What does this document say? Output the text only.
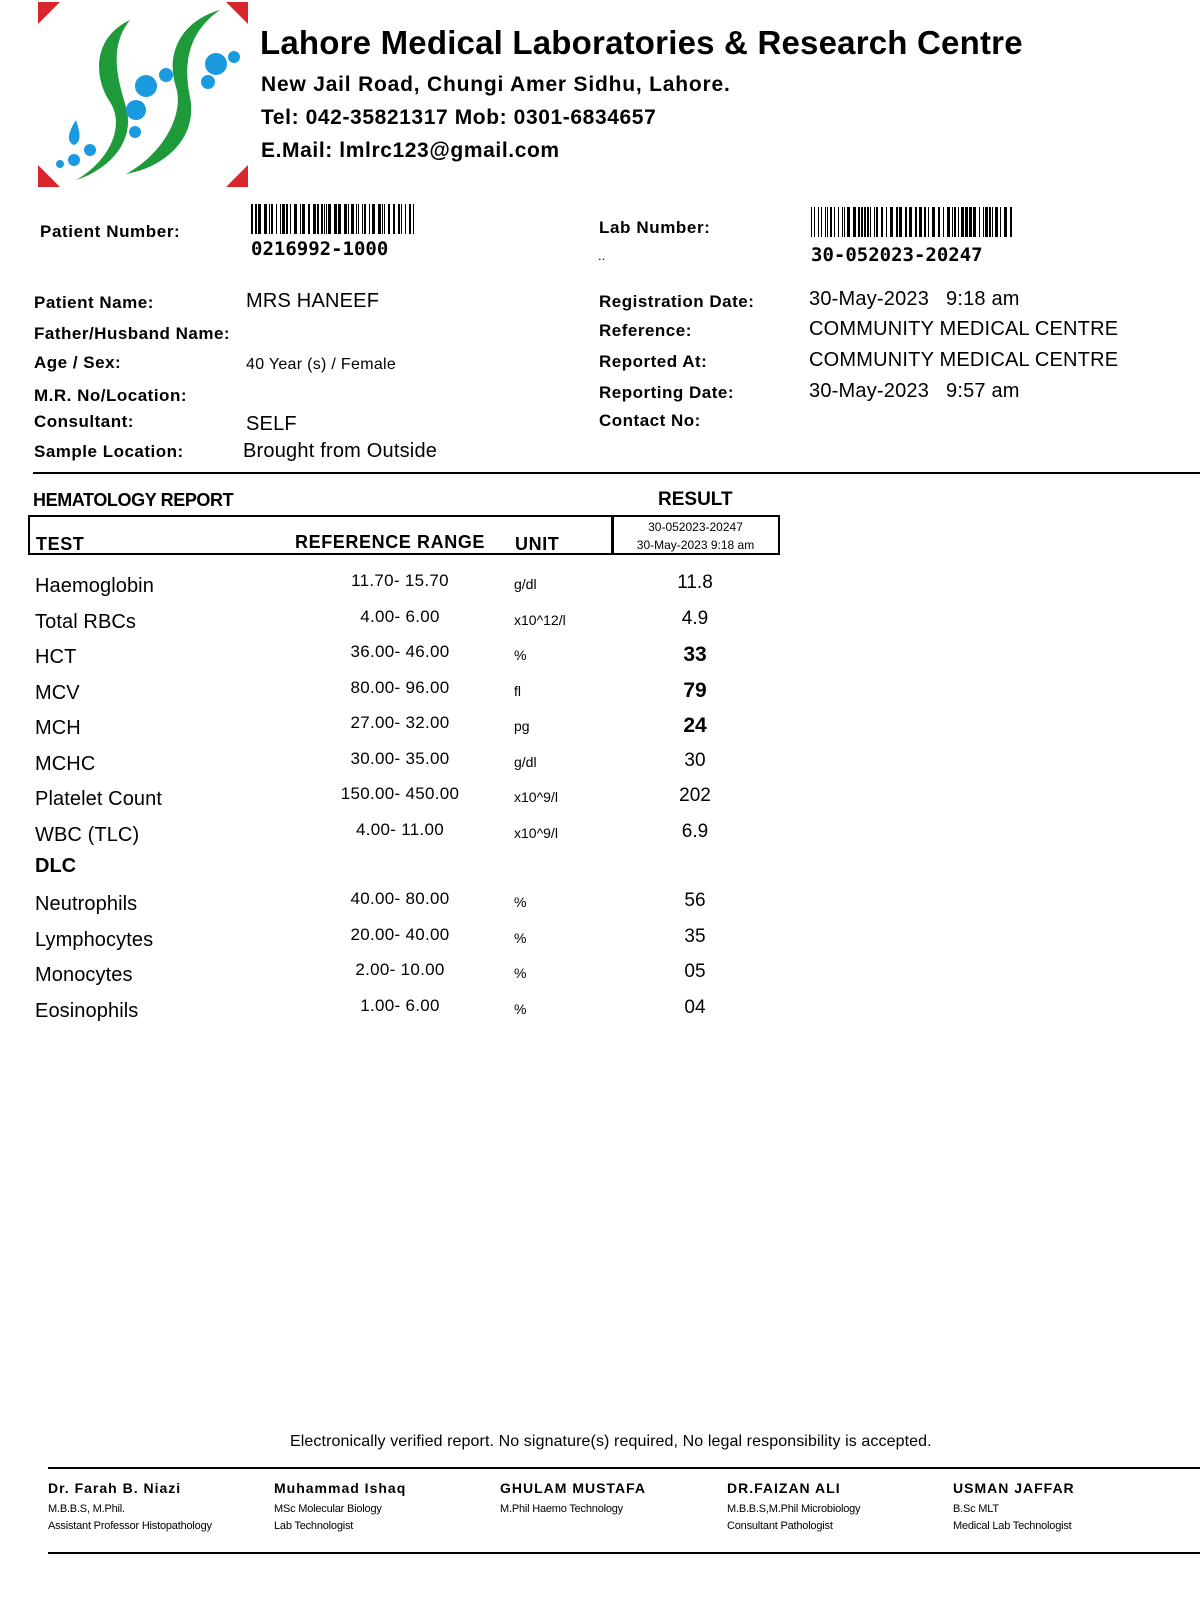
Lahore Medical Laboratories & Research Centre
New Jail Road, Chungi Amer Sidhu, Lahore.
Tel: 042-35821317 Mob: 0301-6834657
E.Mail: lmlrc123@gmail.com
Patient Number:
0216992-1000
Lab Number:
..	30-052023-20247
Patient Name:	MRS HANEEF
Father/Husband Name:
Age / Sex:	40 Year (s) / Female
M.R. No/Location:
Consultant:	SELF
Sample Location:	Brought from Outside
Registration Date:	30-May-2023 9:18 am
Reference:	COMMUNITY MEDICAL CENTRE
Reported At:	COMMUNITY MEDICAL CENTRE
Reporting Date:	30-May-2023 9:57 am
Contact No:
HEMATOLOGY REPORT	RESULT
TEST	REFERENCE RANGE UNIT
30-052023-20247
30-May-2023 9:18 am
Haemoglobin	11.70- 15.70	g/dl	11.8
Total RBCs	4.00- 6.00	x10^12/l	4.9
HCT	36.00- 46.00	%	33
MCV	80.00- 96.00	fl	79
MCH	27.00- 32.00	pg	24
MCHC	30.00- 35.00	g/dl	30
Platelet Count	150.00- 450.00	x10^9/l	202
WBC (TLC)	4.00- 11.00	x10^9/l	6.9
DLC
Neutrophils	40.00- 80.00	%	56
Lymphocytes	20.00- 40.00	%	35
Monocytes	2.00- 10.00	%	05
Eosinophils	1.00- 6.00	%	04
Electronically verified report. No signature(s) required, No legal responsibility is accepted.
Dr. Farah B. Niazi
M.B.B.S, M.Phil.
Assistant Professor Histopathology
Muhammad Ishaq
MSc Molecular Biology
Lab Technologist
GHULAM MUSTAFA
M.Phil Haemo Technology
DR.FAIZAN ALI
M.B.B.S,M.Phil Microbiology
Consultant Pathologist
USMAN JAFFAR
B.Sc MLT
Medical Lab Technologist
